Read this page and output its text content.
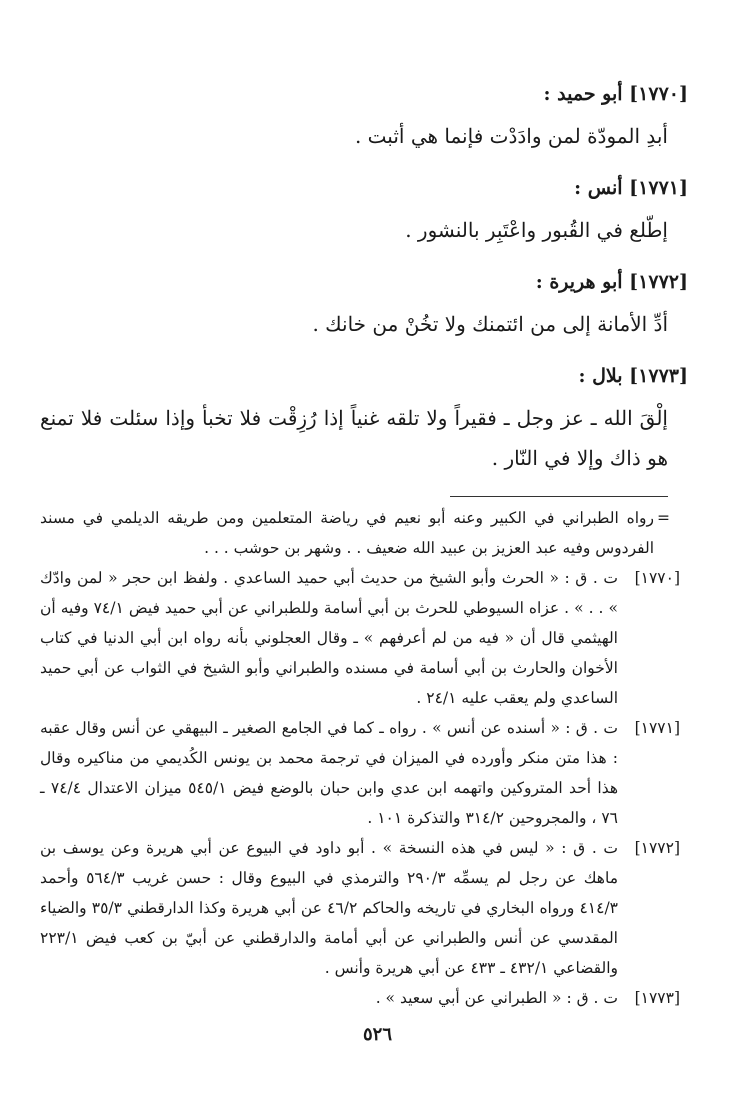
[١٧٧٠] أبو حميد :
أبدِ المودّة لمن وادَدْت فإنما هي أثبت .
[١٧٧١] أنس :
إطّلع في القُبور واعْتَبِر بالنشور .
[١٧٧٢] أبو هريرة :
أدِّ الأمانة إلى من ائتمنك ولا تخُنْ من خانك .
[١٧٧٣] بلال :
إلْقَ الله ـ عز وجل ـ فقيراً ولا تلقه غنياً إذا رُزِقْت فلا تخبأ وإذا سئلت فلا تمنع هو ذاك وإلا في النّار .
=
رواه الطبراني في الكبير وعنه أبو نعيم في رياضة المتعلمين ومن طريقه الديلمي في مسند الفردوس وفيه عبد العزيز بن عبيد الله ضعيف . . وشهر بن حوشب . . .
[١٧٧٠]
ت . ق : « الحرث وأبو الشيخ من حديث أبي حميد الساعدي . ولفظ ابن حجر « لمن وادّك » . . » . عزاه السيوطي للحرث بن أبي أسامة وللطبراني عن أبي حميد فيض ٧٤/١ وفيه أن الهيثمي قال أن « فيه من لم أعرفهم » ـ وقال العجلوني بأنه رواه ابن أبي الدنيا في كتاب الأخوان والحارث بن أبي أسامة في مسنده والطبراني وأبو الشيخ في الثواب عن أبي حميد الساعدي ولم يعقب عليه ٢٤/١ .
[١٧٧١]
ت . ق : « أسنده عن أنس » . رواه ـ كما في الجامع الصغير ـ البيهقي عن أنس وقال عقبه : هذا متن منكر وأورده في الميزان في ترجمة محمد بن يونس الكُديمي من مناكيره وقال هذا أحد المتروكين واتهمه ابن عدي وابن حبان بالوضع فيض ٥٤٥/١ ميزان الاعتدال ٧٤/٤ ـ ٧٦ ، والمجروحين ٣١٤/٢ والتذكرة ١٠١ .
[١٧٧٢]
ت . ق : « ليس في هذه النسخة » . أبو داود في البيوع عن أبي هريرة وعن يوسف بن ماهك عن رجل لم يسمِّه ٢٩٠/٣ والترمذي في البيوع وقال : حسن غريب ٥٦٤/٣ وأحمد ٤١٤/٣ ورواه البخاري في تاريخه والحاكم ٤٦/٢ عن أبي هريرة وكذا الدارقطني ٣٥/٣ والضياء المقدسي عن أنس والطبراني عن أبي أمامة والدارقطني عن أبيّ بن كعب فيض ٢٢٣/١ والقضاعي ٤٣٢/١ ـ ٤٣٣ عن أبي هريرة وأنس .
[١٧٧٣]
ت . ق : « الطبراني عن أبي سعيد » .
٥٢٦
